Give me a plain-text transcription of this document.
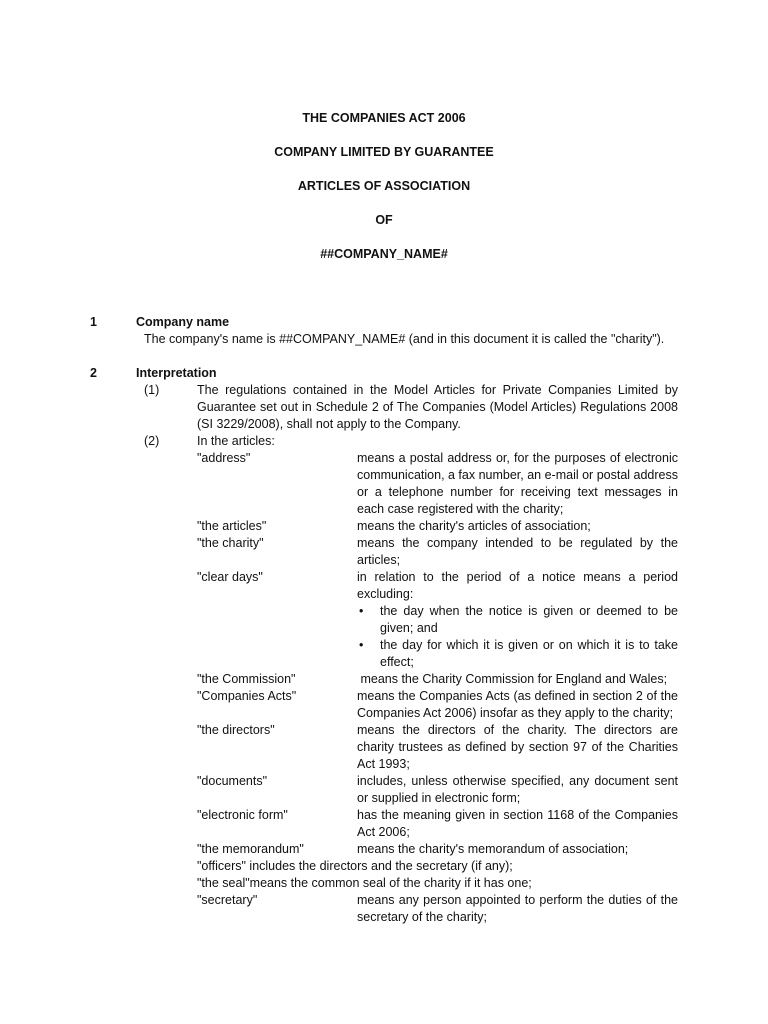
THE COMPANIES ACT 2006
COMPANY LIMITED BY GUARANTEE
ARTICLES OF ASSOCIATION
OF
##COMPANY_NAME#
1	Company name
The company's name is ##COMPANY_NAME# (and in this document it is called the "charity").
2	Interpretation
(1)	The regulations contained in the Model Articles for Private Companies Limited by Guarantee set out in Schedule 2 of The Companies (Model Articles) Regulations 2008 (SI 3229/2008), shall not apply to the Company.
(2)	In the articles:
"address"	means a postal address or, for the purposes of electronic communication, a fax number, an e-mail or postal address or a telephone number for receiving text messages in each case registered with the charity;
"the articles"	means the charity's articles of association;
"the charity"	means the company intended to be regulated by the articles;
"clear days"	in relation to the period of a notice means a period excluding:
• the day when the notice is given or deemed to be given; and
• the day for which it is given or on which it is to take effect;
"the Commission"	means the Charity Commission for England and Wales;
"Companies Acts"	means the Companies Acts (as defined in section 2 of the Companies Act 2006) insofar as they apply to the charity;
"the directors"	means the directors of the charity. The directors are charity trustees as defined by section 97 of the Charities Act 1993;
"documents"	includes, unless otherwise specified, any document sent or supplied in electronic form;
"electronic form"	has the meaning given in section 1168 of the Companies Act 2006;
"the memorandum"	means the charity's memorandum of association;
"officers" includes the directors and the secretary (if any);
"the seal"means the common seal of the charity if it has one;
"secretary"	means any person appointed to perform the duties of the secretary of the charity;
